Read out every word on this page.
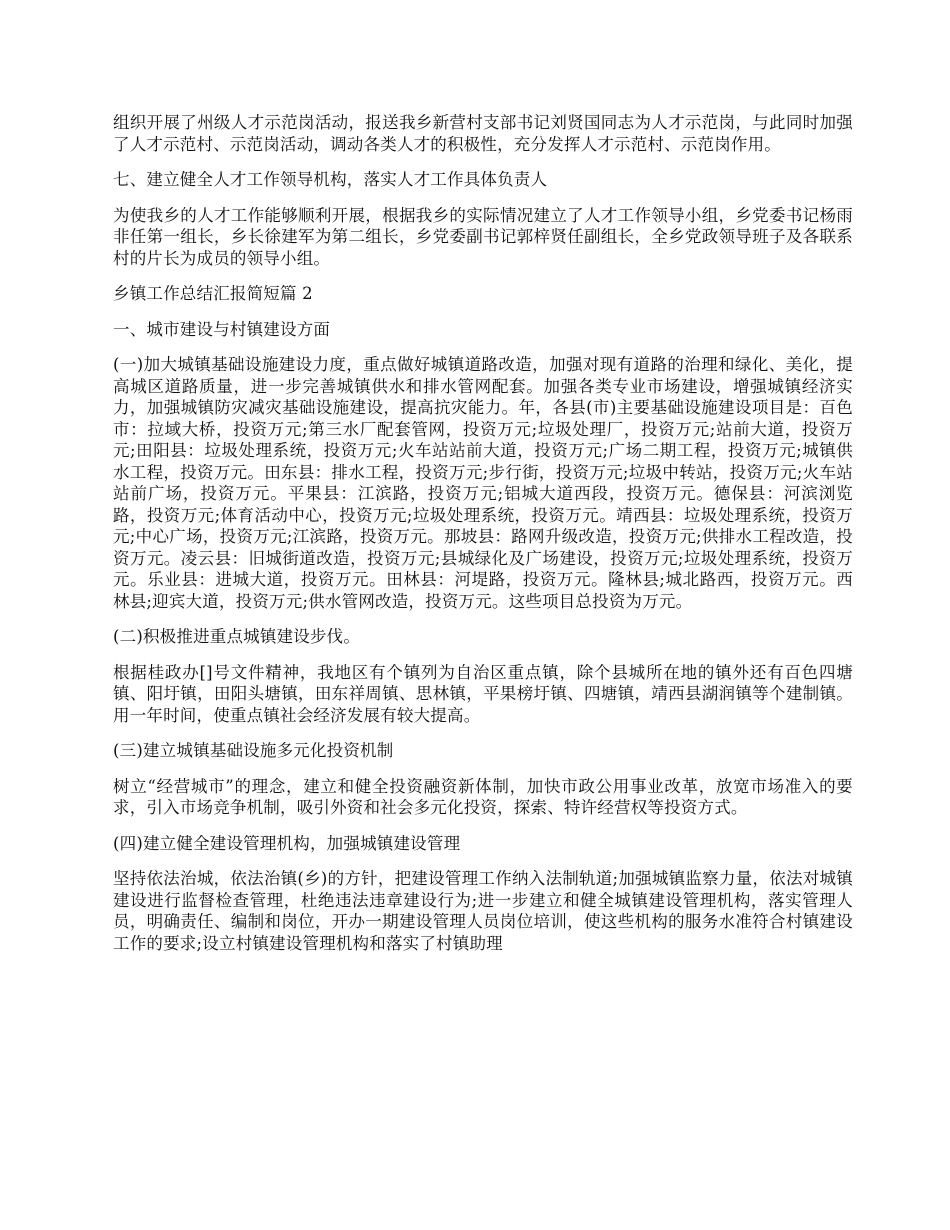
组织开展了州级人才示范岗活动，报送我乡新营村支部书记刘贤国同志为人才示范岗，与此同时加强了人才示范村、示范岗活动，调动各类人才的积极性，充分发挥人才示范村、示范岗作用。

七、建立健全人才工作领导机构，落实人才工作具体负责人

为使我乡的人才工作能够顺利开展，根据我乡的实际情况建立了人才工作领导小组，乡党委书记杨雨非任第一组长，乡长徐建军为第二组长，乡党委副书记郭梓贤任副组长，全乡党政领导班子及各联系村的片长为成员的领导小组。

乡镇工作总结汇报简短篇 2

一、城市建设与村镇建设方面

(一)加大城镇基础设施建设力度，重点做好城镇道路改造，加强对现有道路的治理和绿化、美化，提高城区道路质量，进一步完善城镇供水和排水管网配套。加强各类专业市场建设，增强城镇经济实力，加强城镇防灾减灾基础设施建设，提高抗灾能力。年，各县(市)主要基础设施建设项目是：百色市：拉域大桥，投资万元;第三水厂配套管网，投资万元;垃圾处理厂，投资万元;站前大道，投资万元;田阳县：垃圾处理系统，投资万元;火车站站前大道，投资万元;广场二期工程，投资万元;城镇供水工程，投资万元。田东县：排水工程，投资万元;步行街，投资万元;垃圾中转站，投资万元;火车站站前广场，投资万元。平果县：江滨路，投资万元;铝城大道西段，投资万元。德保县：河滨浏览路，投资万元;体育活动中心，投资万元;垃圾处理系统，投资万元。靖西县：垃圾处理系统，投资万元;中心广场，投资万元;江滨路，投资万元。那坡县：路网升级改造，投资万元;供排水工程改造，投资万元。凌云县：旧城街道改造，投资万元;县城绿化及广场建设，投资万元;垃圾处理系统，投资万元。乐业县：进城大道，投资万元。田林县：河堤路，投资万元。隆林县;城北路西，投资万元。西林县;迎宾大道，投资万元;供水管网改造，投资万元。这些项目总投资为万元。

(二)积极推进重点城镇建设步伐。

根据桂政办[]号文件精神，我地区有个镇列为自治区重点镇，除个县城所在地的镇外还有百色四塘镇、阳圩镇，田阳头塘镇，田东祥周镇、思林镇，平果榜圩镇、四塘镇，靖西县湖润镇等个建制镇。用一年时间，使重点镇社会经济发展有较大提高。

(三)建立城镇基础设施多元化投资机制

树立“经营城市”的理念，建立和健全投资融资新体制，加快市政公用事业改革，放宽市场准入的要求，引入市场竞争机制，吸引外资和社会多元化投资，探索、特许经营权等投资方式。

(四)建立健全建设管理机构，加强城镇建设管理

坚持依法治城，依法治镇(乡)的方针，把建设管理工作纳入法制轨道;加强城镇监察力量，依法对城镇建设进行监督检查管理，杜绝违法违章建设行为;进一步建立和健全城镇建设管理机构，落实管理人员，明确责任、编制和岗位，开办一期建设管理人员岗位培训，使这些机构的服务水准符合村镇建设工作的要求;设立村镇建设管理机构和落实了村镇助理
